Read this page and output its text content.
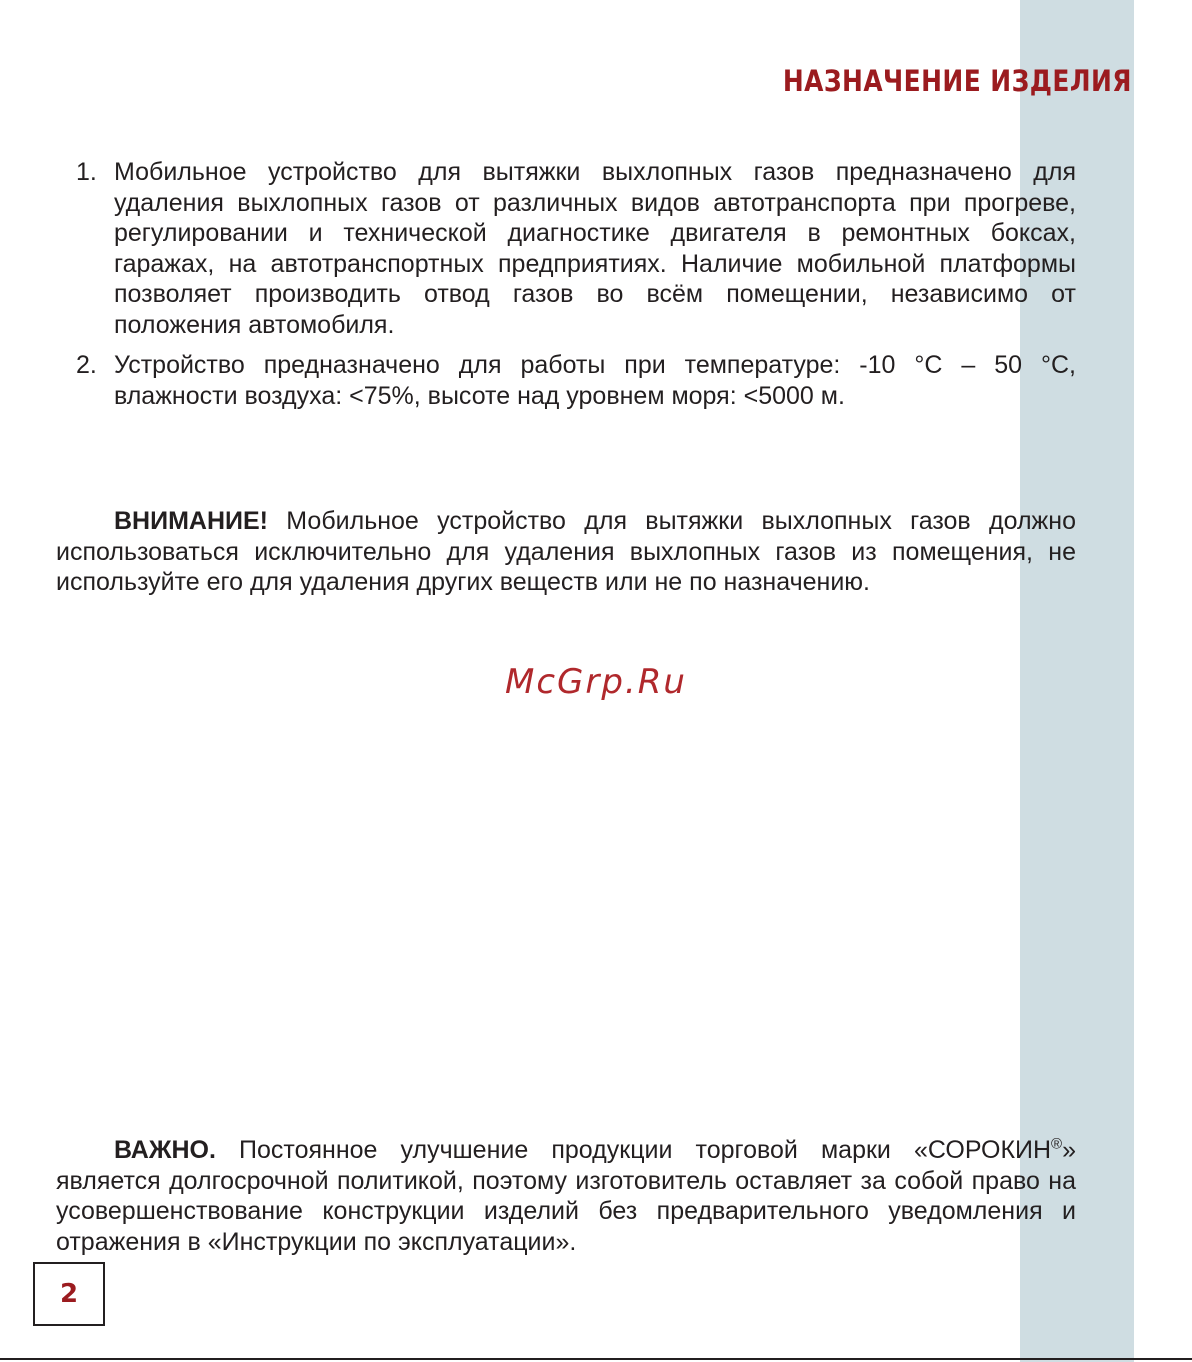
НАЗНАЧЕНИЕ ИЗДЕЛИЯ
1. Мобильное устройство для вытяжки выхлопных газов предназначено для удаления выхлопных газов от различных видов автотранспорта при прогреве, регулировании и технической диагностике двигателя в ремонтных боксах, гаражах, на автотранспортных предприятиях. Наличие мобильной платформы позволяет производить отвод газов во всём помещении, независимо от положения автомобиля.
2. Устройство предназначено для работы при температуре: -10 °С – 50 °С, влажности воздуха: <75%, высоте над уровнем моря: <5000 м.

ВНИМАНИЕ! Мобильное устройство для вытяжки выхлопных газов должно использоваться исключительно для удаления выхлопных газов из помещения, не используйте его для удаления других веществ или не по назначению.

McGrp.Ru

ВАЖНО. Постоянное улучшение продукции торговой марки «СОРОКИН®» является долгосрочной политикой, поэтому изготовитель оставляет за собой право на усовершенствование конструкции изделий без предварительного уведомления и отражения в «Инструкции по эксплуатации».

2
